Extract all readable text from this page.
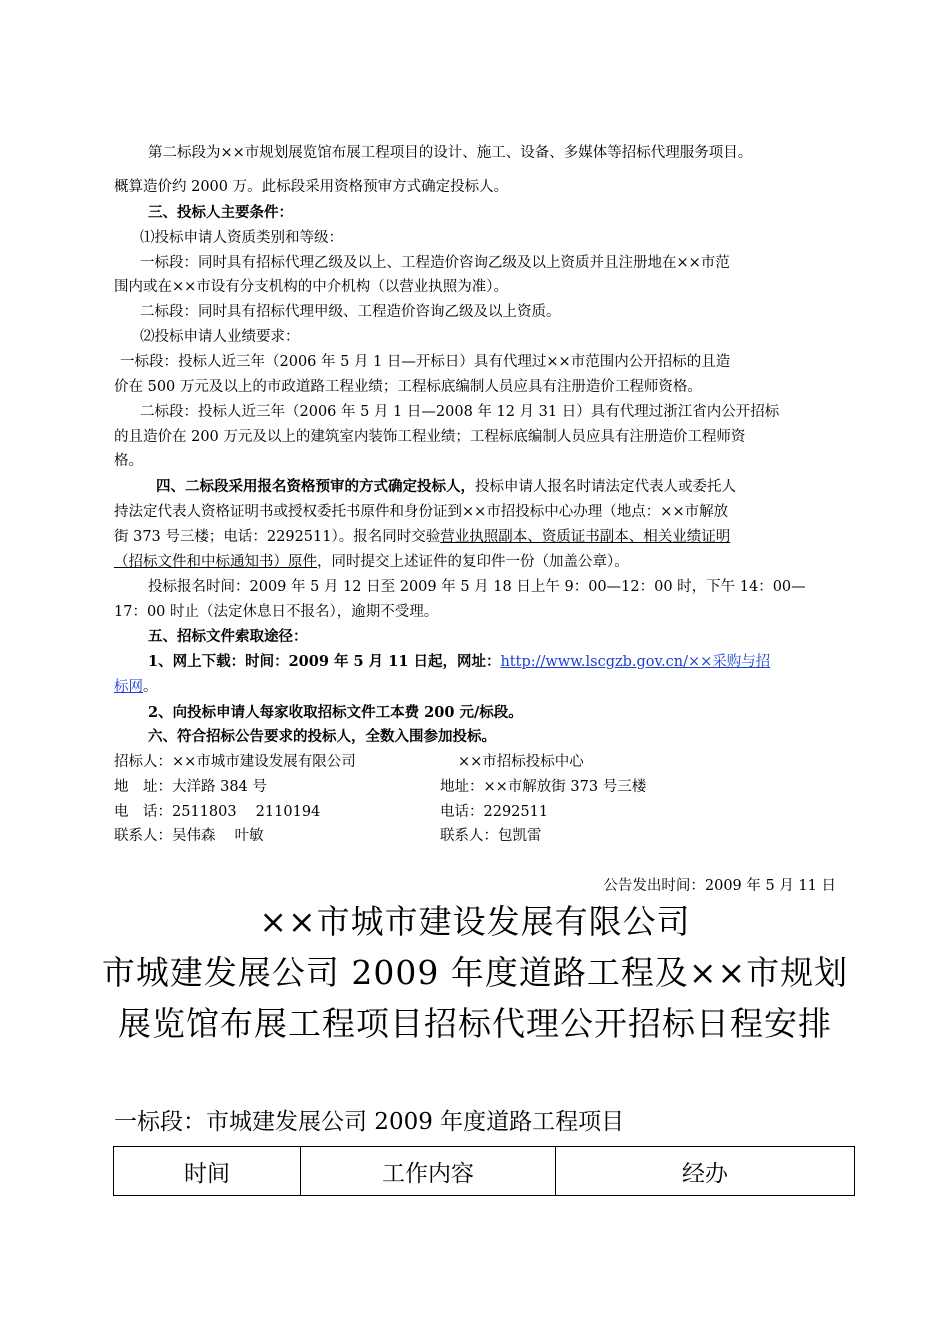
第二标段为××市规划展览馆布展工程项目的设计、施工、设备、多媒体等招标代理服务项目。
概算造价约 2000 万。此标段采用资格预审方式确定投标人。
三、投标人主要条件：
⑴投标申请人资质类别和等级：
一标段：同时具有招标代理乙级及以上、工程造价咨询乙级及以上资质并且注册地在××市范
围内或在××市设有分支机构的中介机构（以营业执照为准）。
二标段：同时具有招标代理甲级、工程造价咨询乙级及以上资质。
⑵投标申请人业绩要求：
一标段：投标人近三年（2006 年 5 月 1 日—开标日）具有代理过××市范围内公开招标的且造
价在 500 万元及以上的市政道路工程业绩；工程标底编制人员应具有注册造价工程师资格。
二标段：投标人近三年（2006 年 5 月 1 日—2008 年 12 月 31 日）具有代理过浙江省内公开招标
的且造价在 200 万元及以上的建筑室内装饰工程业绩；工程标底编制人员应具有注册造价工程师资
格。
四、二标段采用报名资格预审的方式确定投标人，投标申请人报名时请法定代表人或委托人
持法定代表人资格证明书或授权委托书原件和身份证到××市招投标中心办理（地点：××市解放
街 373 号三楼；电话：2292511）。报名同时交验营业执照副本、资质证书副本、相关业绩证明
（招标文件和中标通知书）原件，同时提交上述证件的复印件一份（加盖公章）。
投标报名时间：2009 年 5 月 12 日至 2009 年 5 月 18 日上午 9：00—12：00 时，下午 14：00—
17：00 时止（法定休息日不报名），逾期不受理。
五、招标文件索取途径：
1、网上下载：时间：2009 年 5 月 11 日起，网址：http://www.lscgzb.gov.cn/××采购与招
标网。
2、向投标申请人每家收取招标文件工本费 200 元/标段。
六、符合招标公告要求的投标人，全数入围参加投标。
招标人：××市城市建设发展有限公司	××市招标投标中心
地　址：大洋路 384 号	地址：××市解放街 373 号三楼
电　话：2511803　 2110194	电话：2292511
联系人：吴伟森　 叶敏	联系人：包凯雷
公告发出时间：2009 年 5 月 11 日
××市城市建设发展有限公司
市城建发展公司 2009 年度道路工程及××市规划
展览馆布展工程项目招标代理公开招标日程安排
一标段：市城建发展公司 2009 年度道路工程项目
时间	工作内容	经办
